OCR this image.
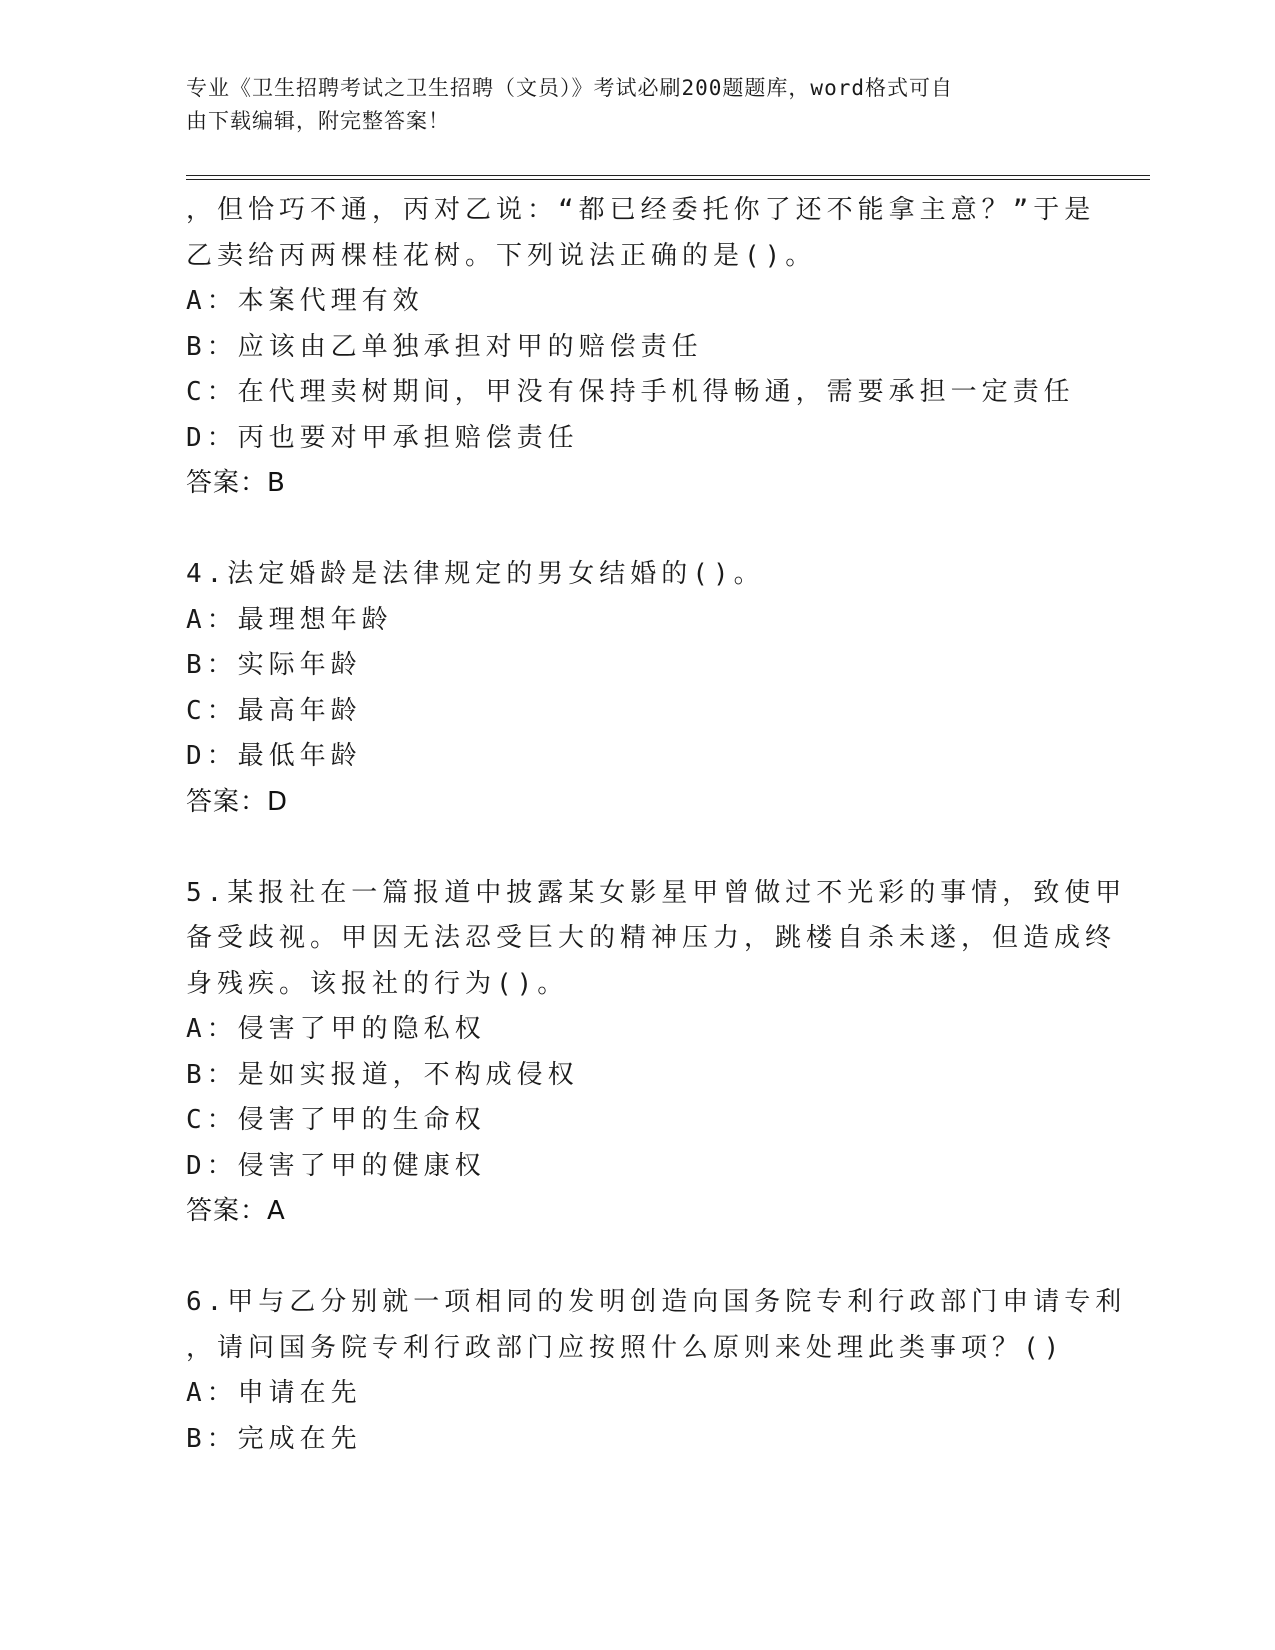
专业《卫生招聘考试之卫生招聘（文员）》考试必刷200题题库，word格式可自
由下载编辑，附完整答案！
，但恰巧不通，丙对乙说：“都已经委托你了还不能拿主意？”于是
乙卖给丙两棵桂花树。下列说法正确的是()。
A：本案代理有效
B：应该由乙单独承担对甲的赔偿责任
C：在代理卖树期间，甲没有保持手机得畅通，需要承担一定责任
D：丙也要对甲承担赔偿责任
答案：B
4.法定婚龄是法律规定的男女结婚的()。
A：最理想年龄
B：实际年龄
C：最高年龄
D：最低年龄
答案：D
5.某报社在一篇报道中披露某女影星甲曾做过不光彩的事情，致使甲
备受歧视。甲因无法忍受巨大的精神压力，跳楼自杀未遂，但造成终
身残疾。该报社的行为()。
A：侵害了甲的隐私权
B：是如实报道，不构成侵权
C：侵害了甲的生命权
D：侵害了甲的健康权
答案：A
6.甲与乙分别就一项相同的发明创造向国务院专利行政部门申请专利
，请问国务院专利行政部门应按照什么原则来处理此类事项？()
A：申请在先
B：完成在先
